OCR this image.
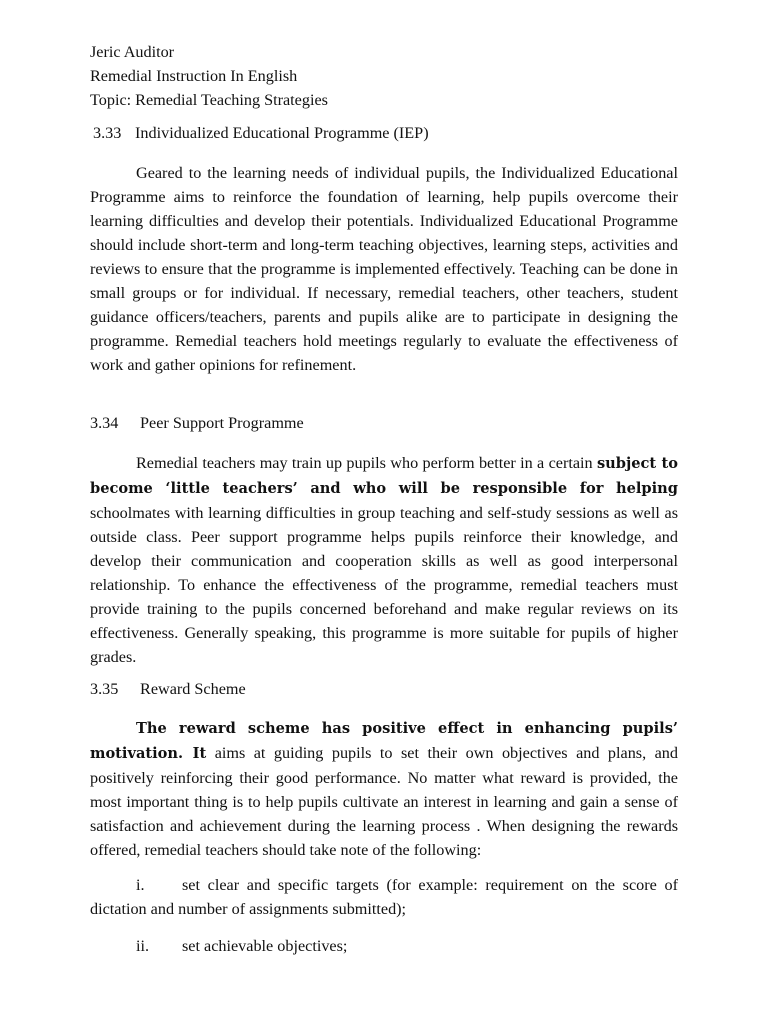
Jeric Auditor
Remedial Instruction In English
Topic: Remedial Teaching Strategies
3.33 Individualized Educational Programme (IEP)

Geared to the learning needs of individual pupils, the Individualized Educational Programme aims to reinforce the foundation of learning, help pupils overcome their learning difficulties and develop their potentials. Individualized Educational Programme should include short-term and long-term teaching objectives, learning steps, activities and reviews to ensure that the programme is implemented effectively. Teaching can be done in small groups or for individual. If necessary, remedial teachers, other teachers, student guidance officers/teachers, parents and pupils alike are to participate in designing the programme. Remedial teachers hold meetings regularly to evaluate the effectiveness of work and gather opinions for refinement.

3.34 Peer Support Programme

Remedial teachers may train up pupils who perform better in a certain subject to become ‘little teachers’ and who will be responsible for helping schoolmates with learning difficulties in group teaching and self-study sessions as well as outside class. Peer support programme helps pupils reinforce their knowledge, and develop their communication and cooperation skills as well as good interpersonal relationship. To enhance the effectiveness of the programme, remedial teachers must provide training to the pupils concerned beforehand and make regular reviews on its effectiveness. Generally speaking, this programme is more suitable for pupils of higher grades.

3.35 Reward Scheme

The reward scheme has positive effect in enhancing pupils’ motivation. It aims at guiding pupils to set their own objectives and plans, and positively reinforcing their good performance. No matter what reward is provided, the most important thing is to help pupils cultivate an interest in learning and gain a sense of satisfaction and achievement during the learning process . When designing the rewards offered, remedial teachers should take note of the following:

i. set clear and specific targets (for example: requirement on the score of dictation and number of assignments submitted);
ii. set achievable objectives;
